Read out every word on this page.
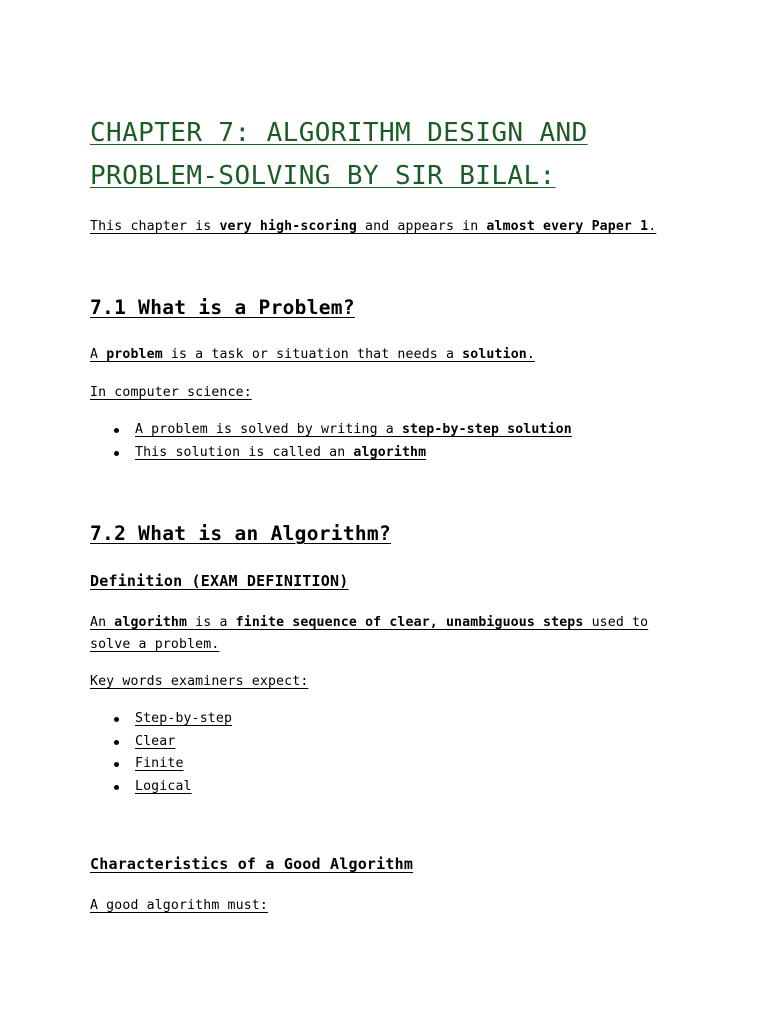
CHAPTER 7: ALGORITHM DESIGN AND
PROBLEM-SOLVING BY SIR BILAL:

This chapter is very high-scoring and appears in almost every Paper 1.

7.1 What is a Problem?

A problem is a task or situation that needs a solution.

In computer science:

A problem is solved by writing a step-by-step solution
This solution is called an algorithm
7.2 What is an Algorithm?
Definition (EXAM DEFINITION)

An algorithm is a finite sequence of clear, unambiguous steps used to

solve a problem.

Key words examiners expect:

Step-by-step
Clear
Finite
Logical
Characteristics of a Good Algorithm

A good algorithm must:
